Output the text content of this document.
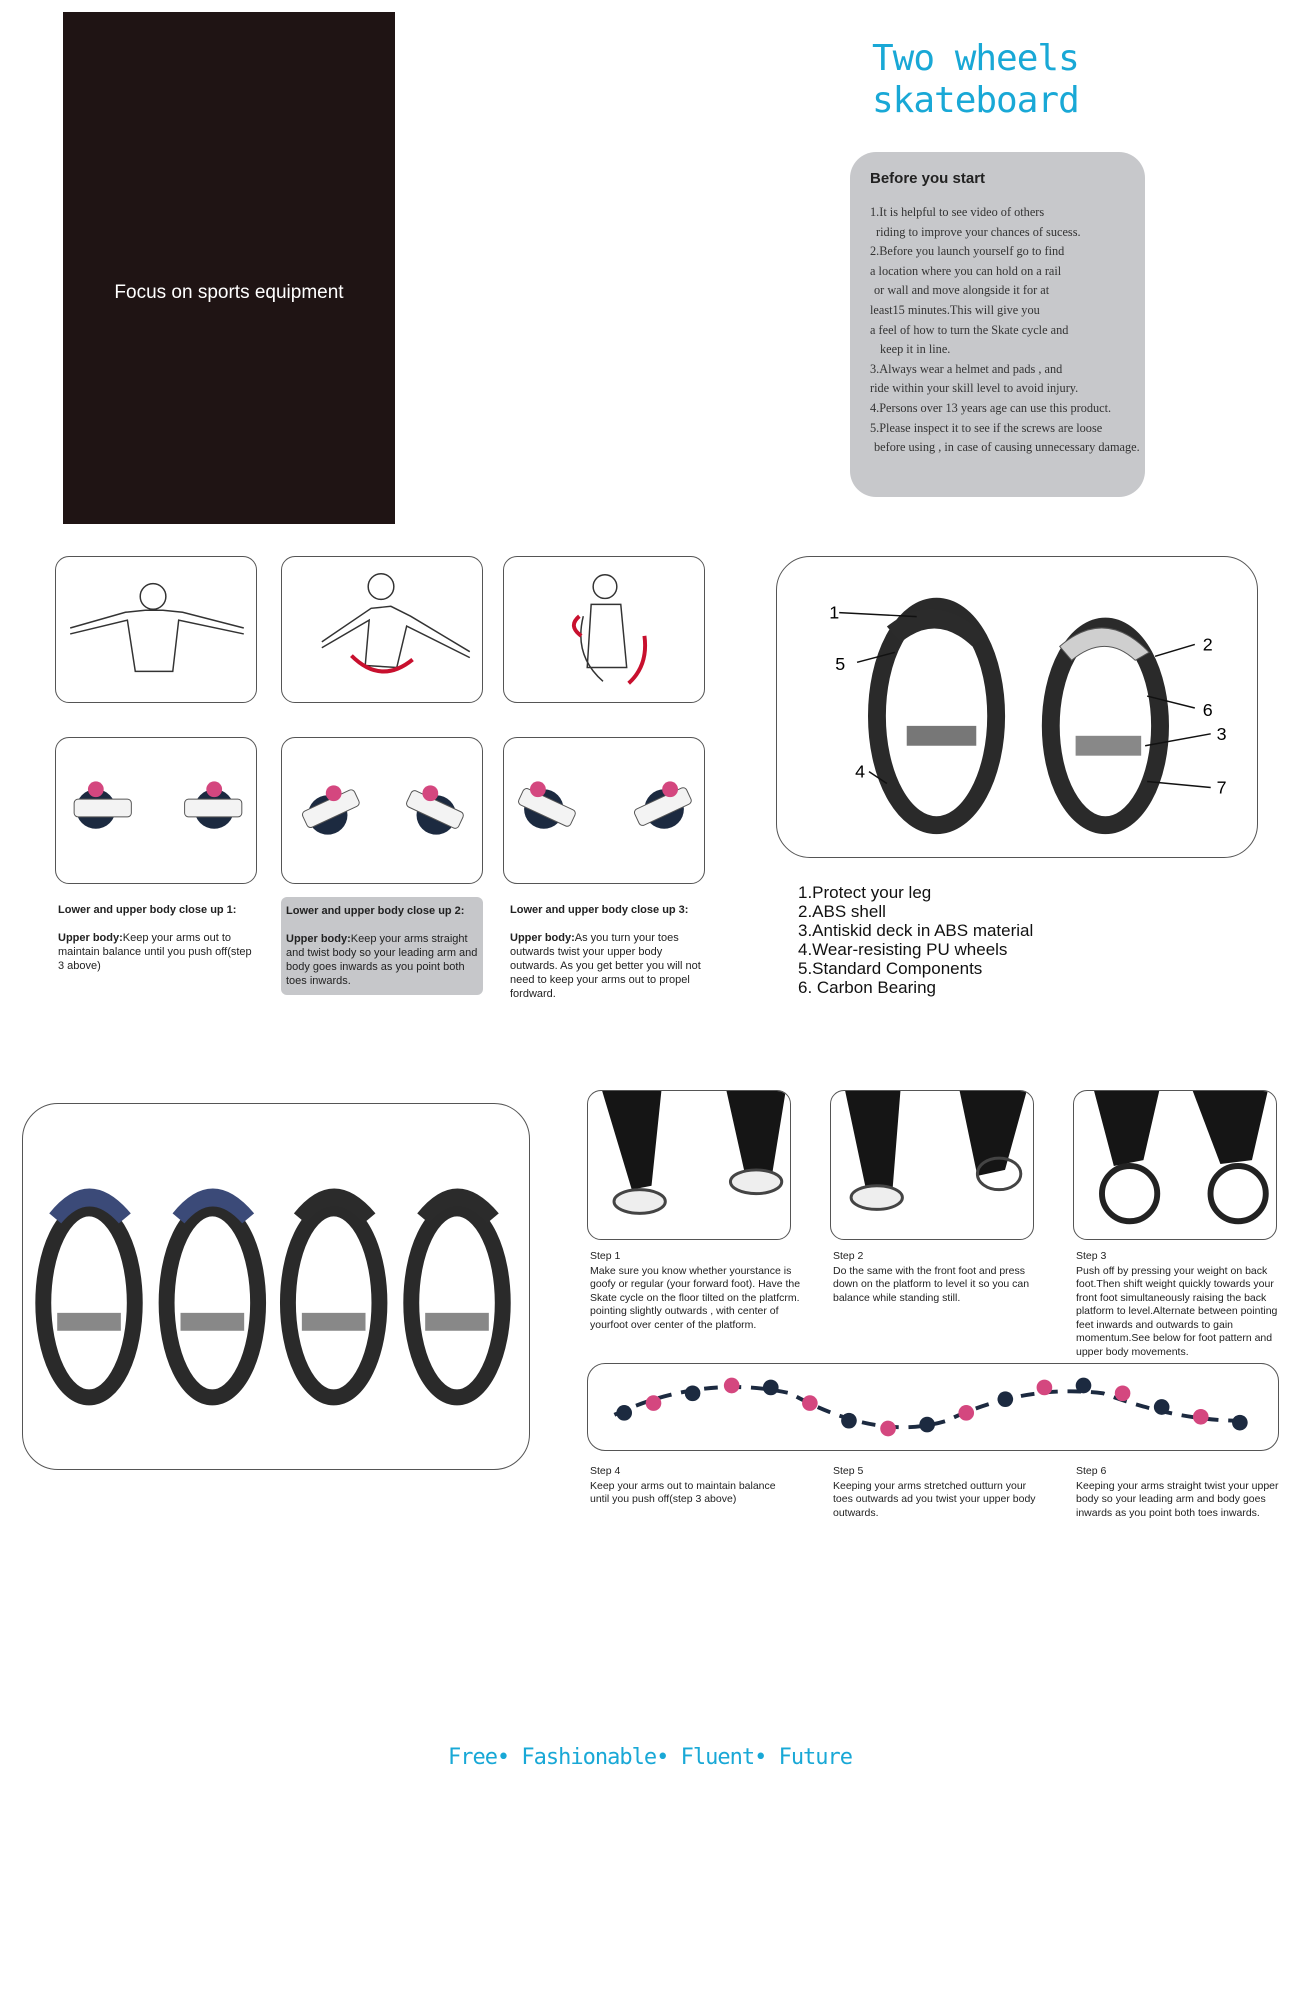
Focus on sports equipment
Two wheels
skateboard
Before you start
1.It is helpful to see video of others
riding to improve your chances of sucess.
2.Before you launch yourself go to find
a location where you can hold on a rail
or wall and move alongside it for at
least15 minutes.This will give you
a feel of how to turn the Skate cycle and
keep it in line.
3.Always wear a helmet and pads , and
ride within your skill level to avoid injury.
4.Persons over 13 years age can use this product.
5.Please inspect it to see if the screws are loose
before using , in case of causing unnecessary damage.
Lower and upper body close up 1:
Upper body:Keep your arms out to maintain balance until you push off(step 3 above)
Lower and upper body close up 2:
Upper body:Keep your arms straight and twist body so your leading arm and body goes inwards as you point both toes inwards.
Lower and upper body close up 3:
Upper body:As you turn your toes outwards twist your upper body outwards. As you get better you will not need to keep your arms out to propel fordward.
1
2
3
4
5
6
7
1.Protect your leg
2.ABS shell
3.Antiskid deck in ABS material
4.Wear-resisting PU wheels
5.Standard Components
6. Carbon Bearing
Step 1
Make sure you know whether yourstance is goofy or regular (your forward foot). Have the Skate cycle on the floor tilted on the platfcrm. pointing slightly outwards , with center of yourfoot over center of the platform.
Step 2
Do the same with the front foot and press down on the platform to level it so you can balance while standing still.
Step 3
Push off by pressing your weight on back foot.Then shift weight quickly towards your front foot simultaneously raising the back platform to level.Alternate between pointing feet inwards and outwards to gain momentum.See below for foot pattern and upper body movements.
Step 4
Keep your arms out to maintain balance until you push off(step 3 above)
Step 5
Keeping your arms stretched outturn your toes outwards ad you twist your upper body outwards.
Step 6
Keeping your arms straight twist your upper body so your leading arm and body goes inwards as you point both toes inwards.
Free• Fashionable• Fluent• Future
